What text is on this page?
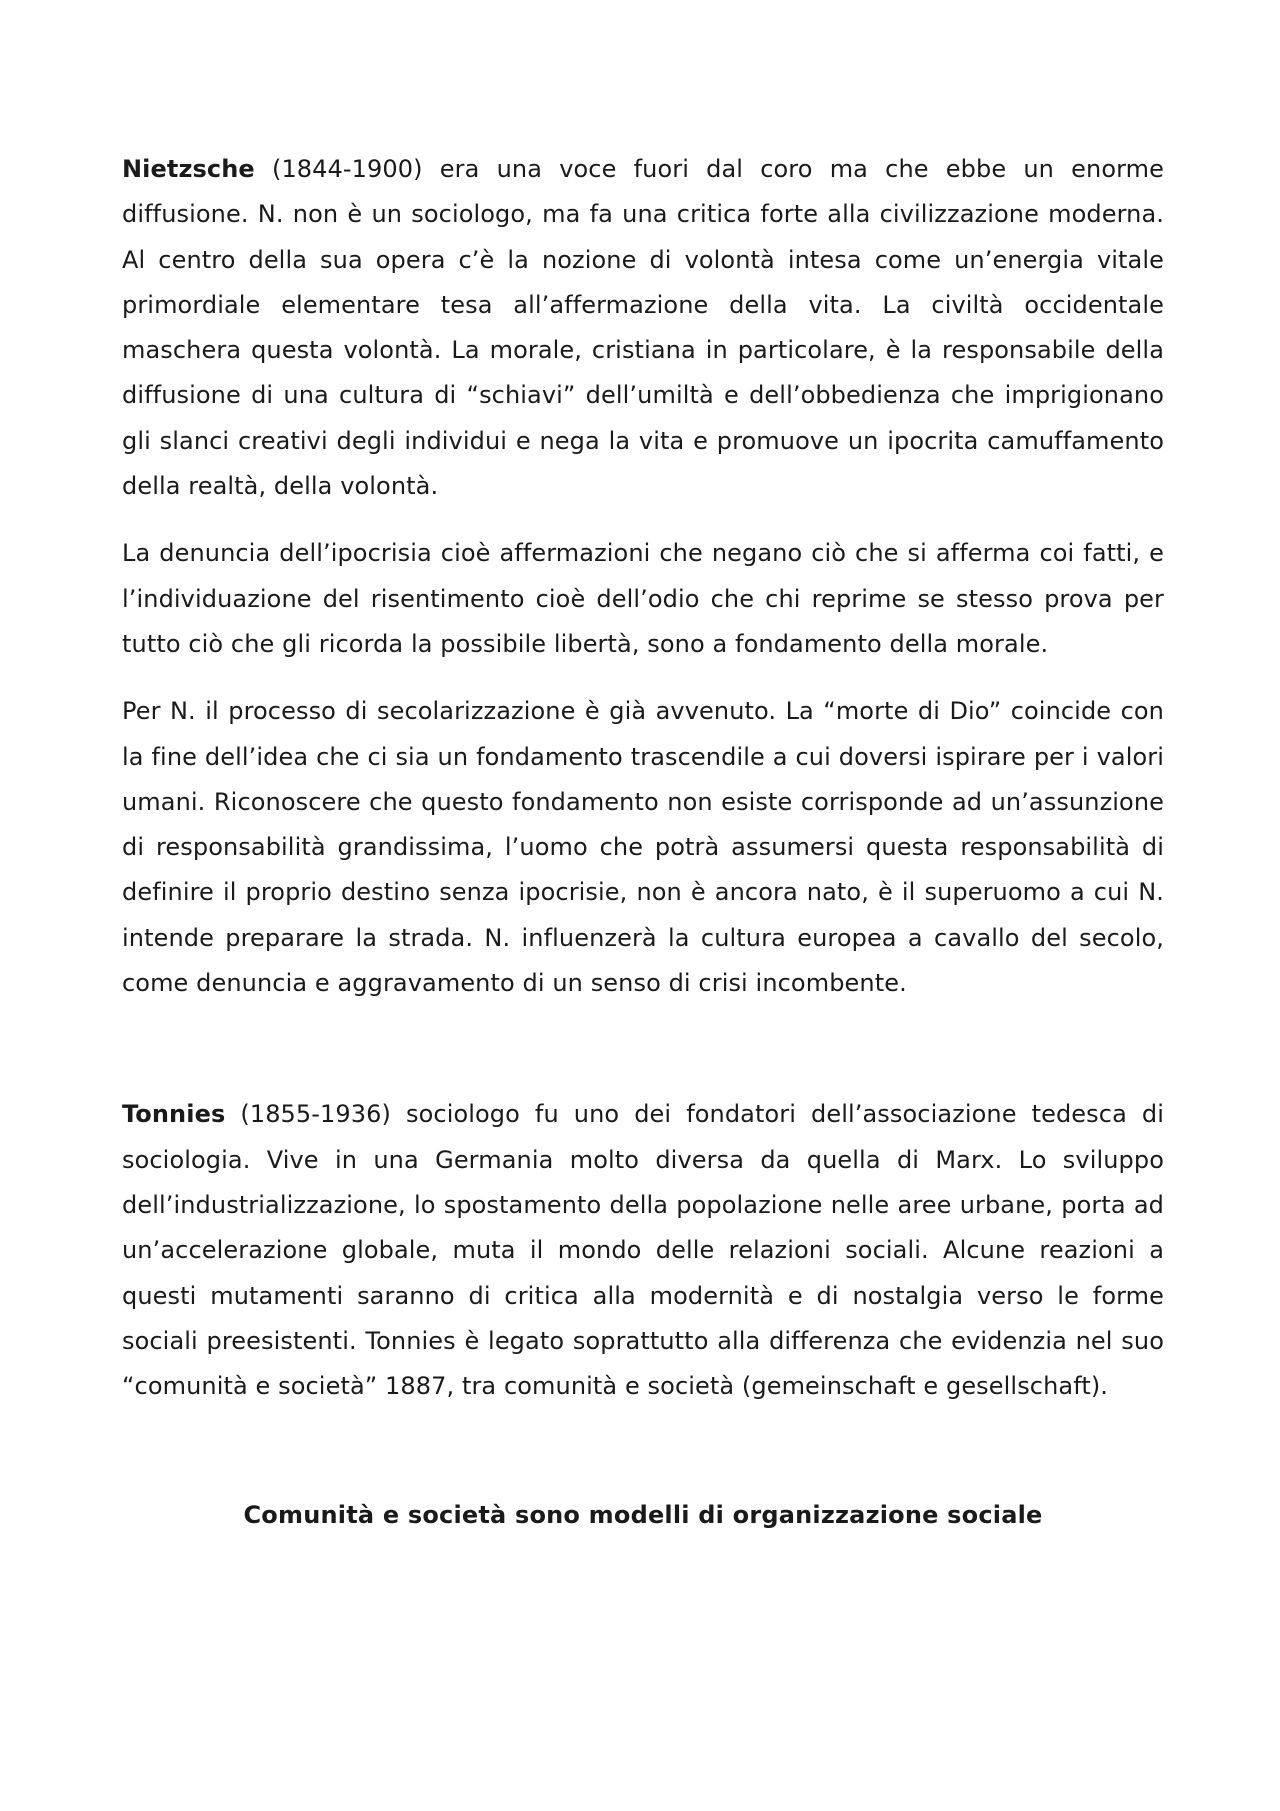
Nietzsche (1844-1900) era una voce fuori dal coro ma che ebbe un enorme diffusione. N. non è un sociologo, ma fa una critica forte alla civilizzazione moderna. Al centro della sua opera c’è la nozione di volontà intesa come un’energia vitale primordiale elementare tesa all’affermazione della vita. La civiltà occidentale maschera questa volontà. La morale, cristiana in particolare, è la responsabile della diffusione di una cultura di “schiavi” dell’umiltà e dell’obbedienza che imprigionano gli slanci creativi degli individui e nega la vita e promuove un ipocrita camuffamento della realtà, della volontà.

La denuncia dell’ipocrisia cioè affermazioni che negano ciò che si afferma coi fatti, e l’individuazione del risentimento cioè dell’odio che chi reprime se stesso prova per tutto ciò che gli ricorda la possibile libertà, sono a fondamento della morale.

Per N. il processo di secolarizzazione è già avvenuto. La “morte di Dio” coincide con la fine dell’idea che ci sia un fondamento trascendile a cui doversi ispirare per i valori umani. Riconoscere che questo fondamento non esiste corrisponde ad un’assunzione di responsabilità grandissima, l’uomo che potrà assumersi questa responsabilità di definire il proprio destino senza ipocrisie, non è ancora nato, è il superuomo a cui N. intende preparare la strada. N. influenzerà la cultura europea a cavallo del secolo, come denuncia e aggravamento di un senso di crisi incombente.

Tonnies (1855-1936) sociologo fu uno dei fondatori dell’associazione tedesca di sociologia. Vive in una Germania molto diversa da quella di Marx. Lo sviluppo dell’industrializzazione, lo spostamento della popolazione nelle aree urbane, porta ad un’accelerazione globale, muta il mondo delle relazioni sociali. Alcune reazioni a questi mutamenti saranno di critica alla modernità e di nostalgia verso le forme sociali preesistenti. Tonnies è legato soprattutto alla differenza che evidenzia nel suo “comunità e società” 1887, tra comunità e società (gemeinschaft e gesellschaft).

Comunità e società sono modelli di organizzazione sociale
